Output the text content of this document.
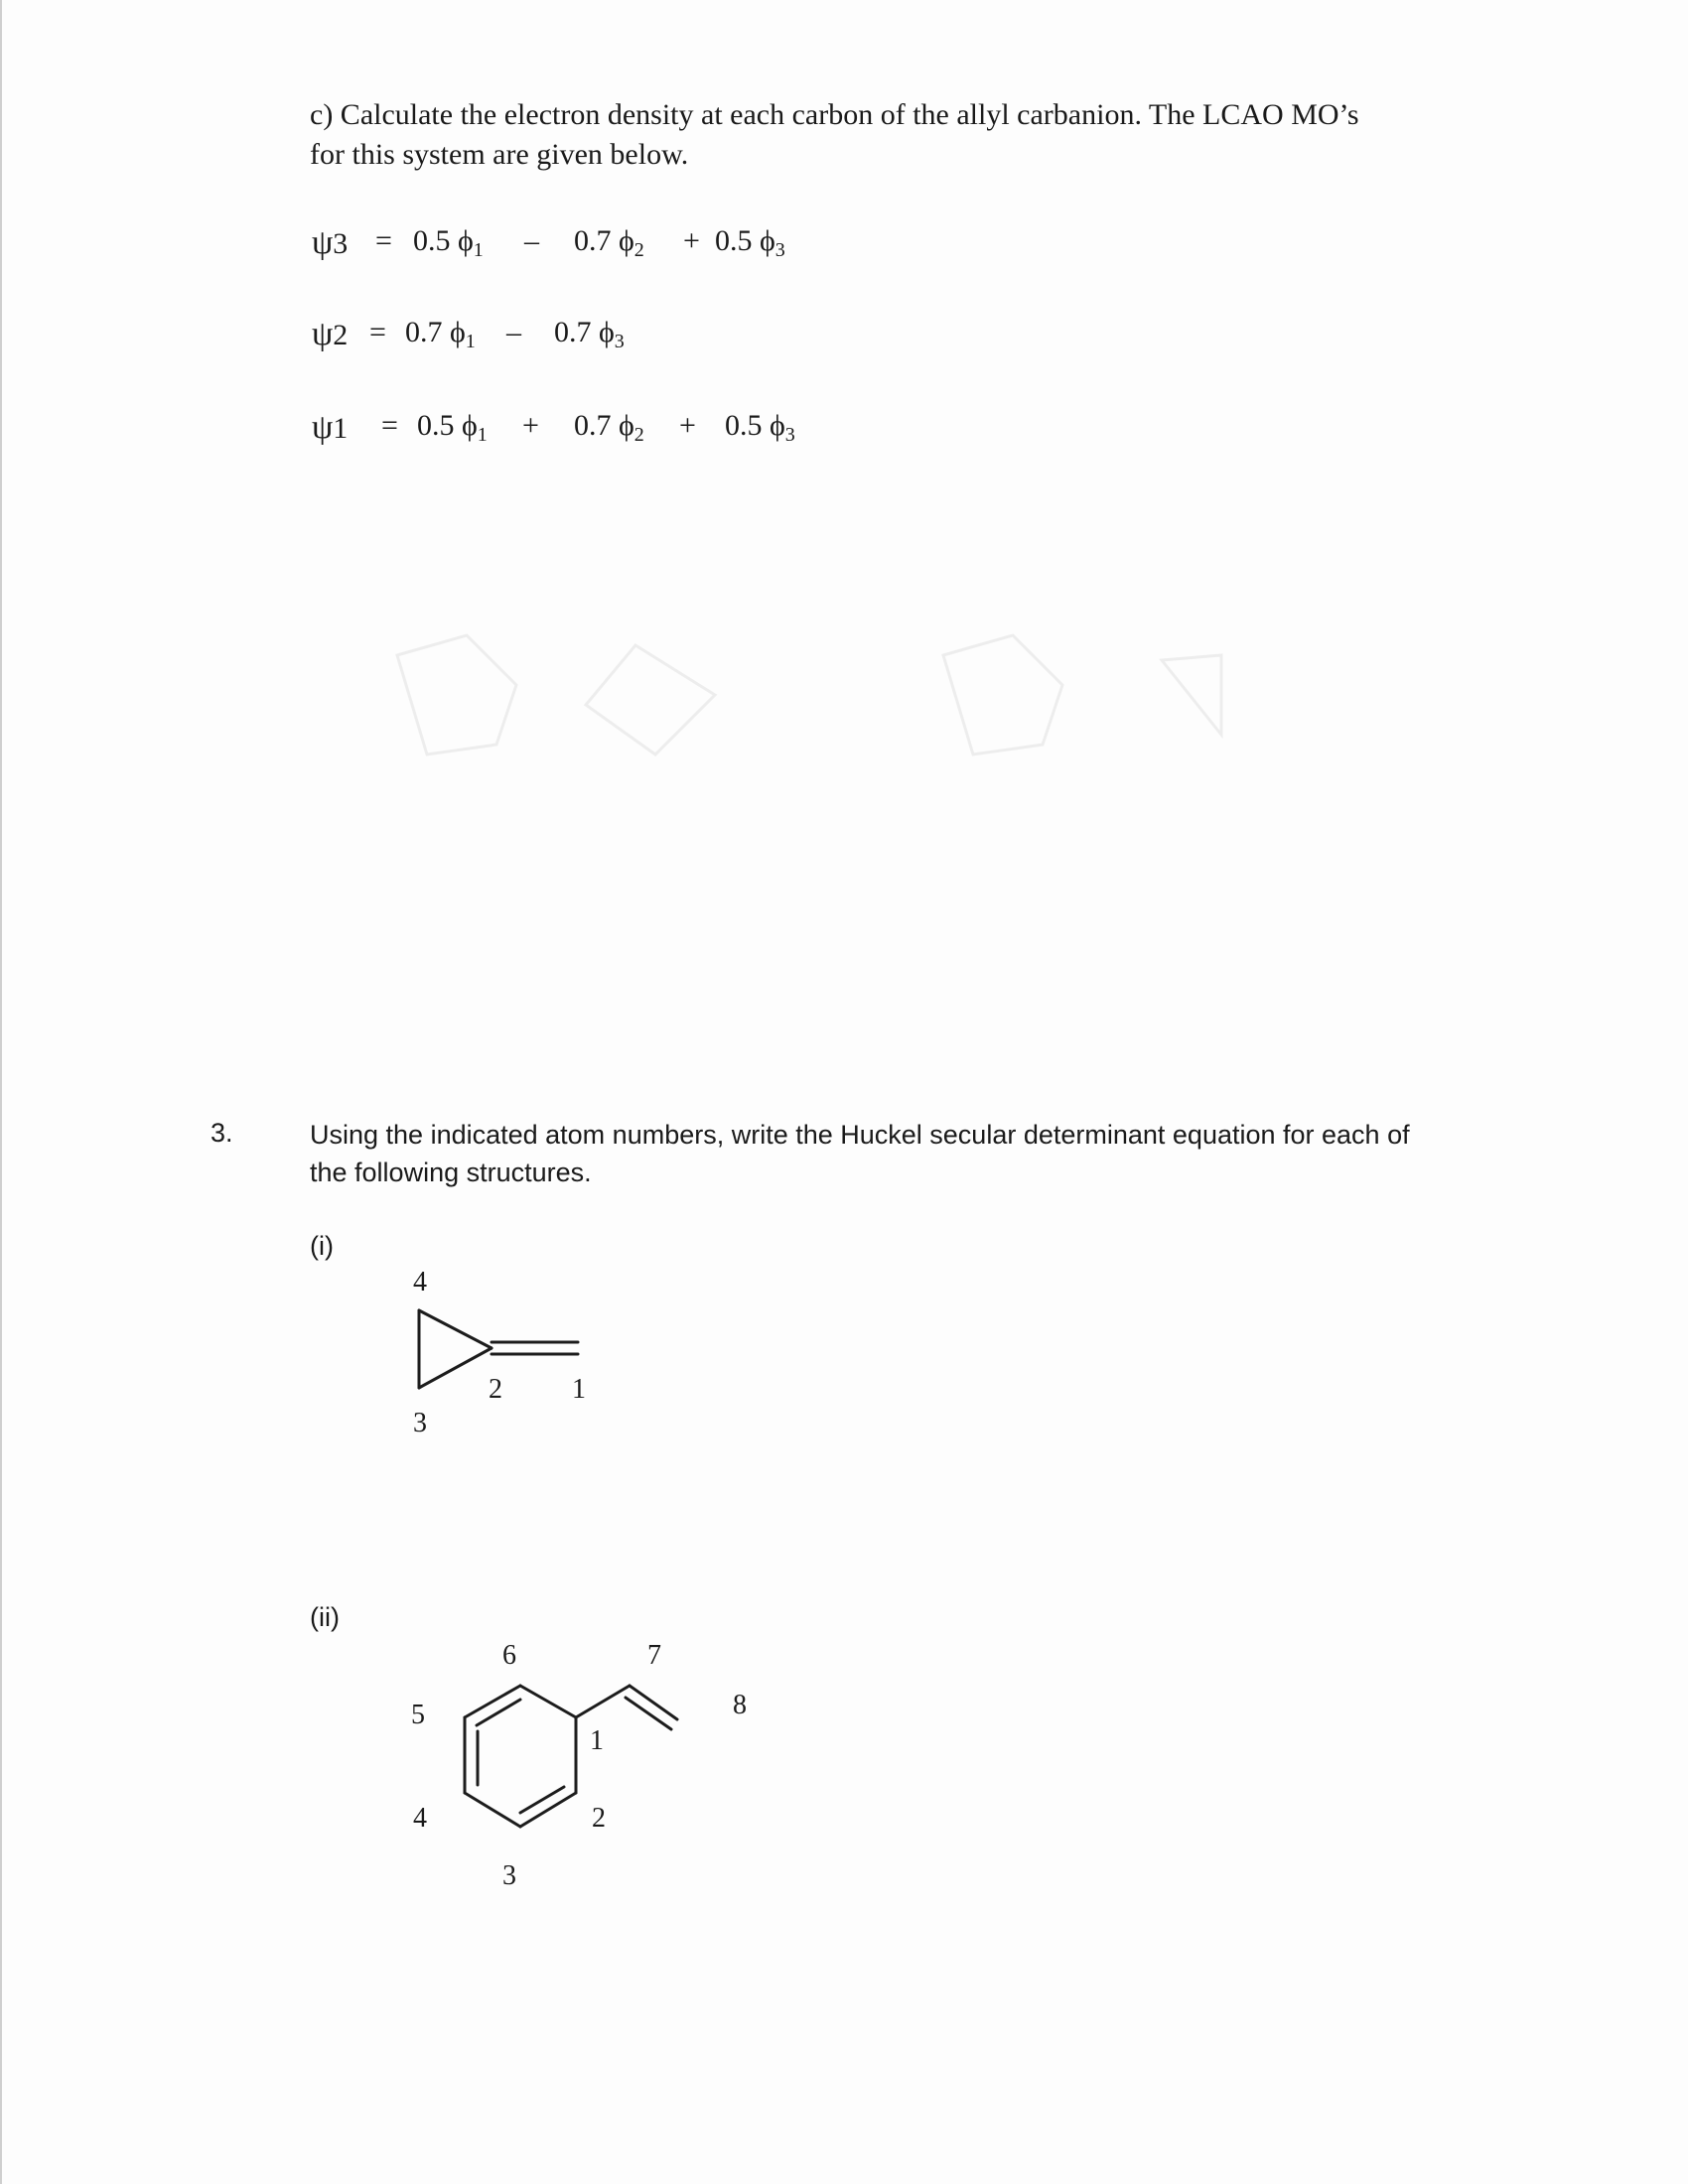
c) Calculate the electron density at each carbon of the allyl carbanion. The LCAO MO’s
for this system are given below.
ψ3 = 0.5 $\phi_1 - 0.7$ $\phi_2 + 0.5$ $\phi_3$
ψ2 = 0.7 $\phi_1 - 0.7$ $\phi_3$
ψ1 = 0.5 $\phi_1 + 0.7$ $\phi_2 + 0.5$ $\phi_3$
3.	Using the indicated atom numbers, write the Huckel secular determinant equation for each of
the following structures.
(i)
4
2	1
3
(ii)
6	7
5	8
1
4	2
3
